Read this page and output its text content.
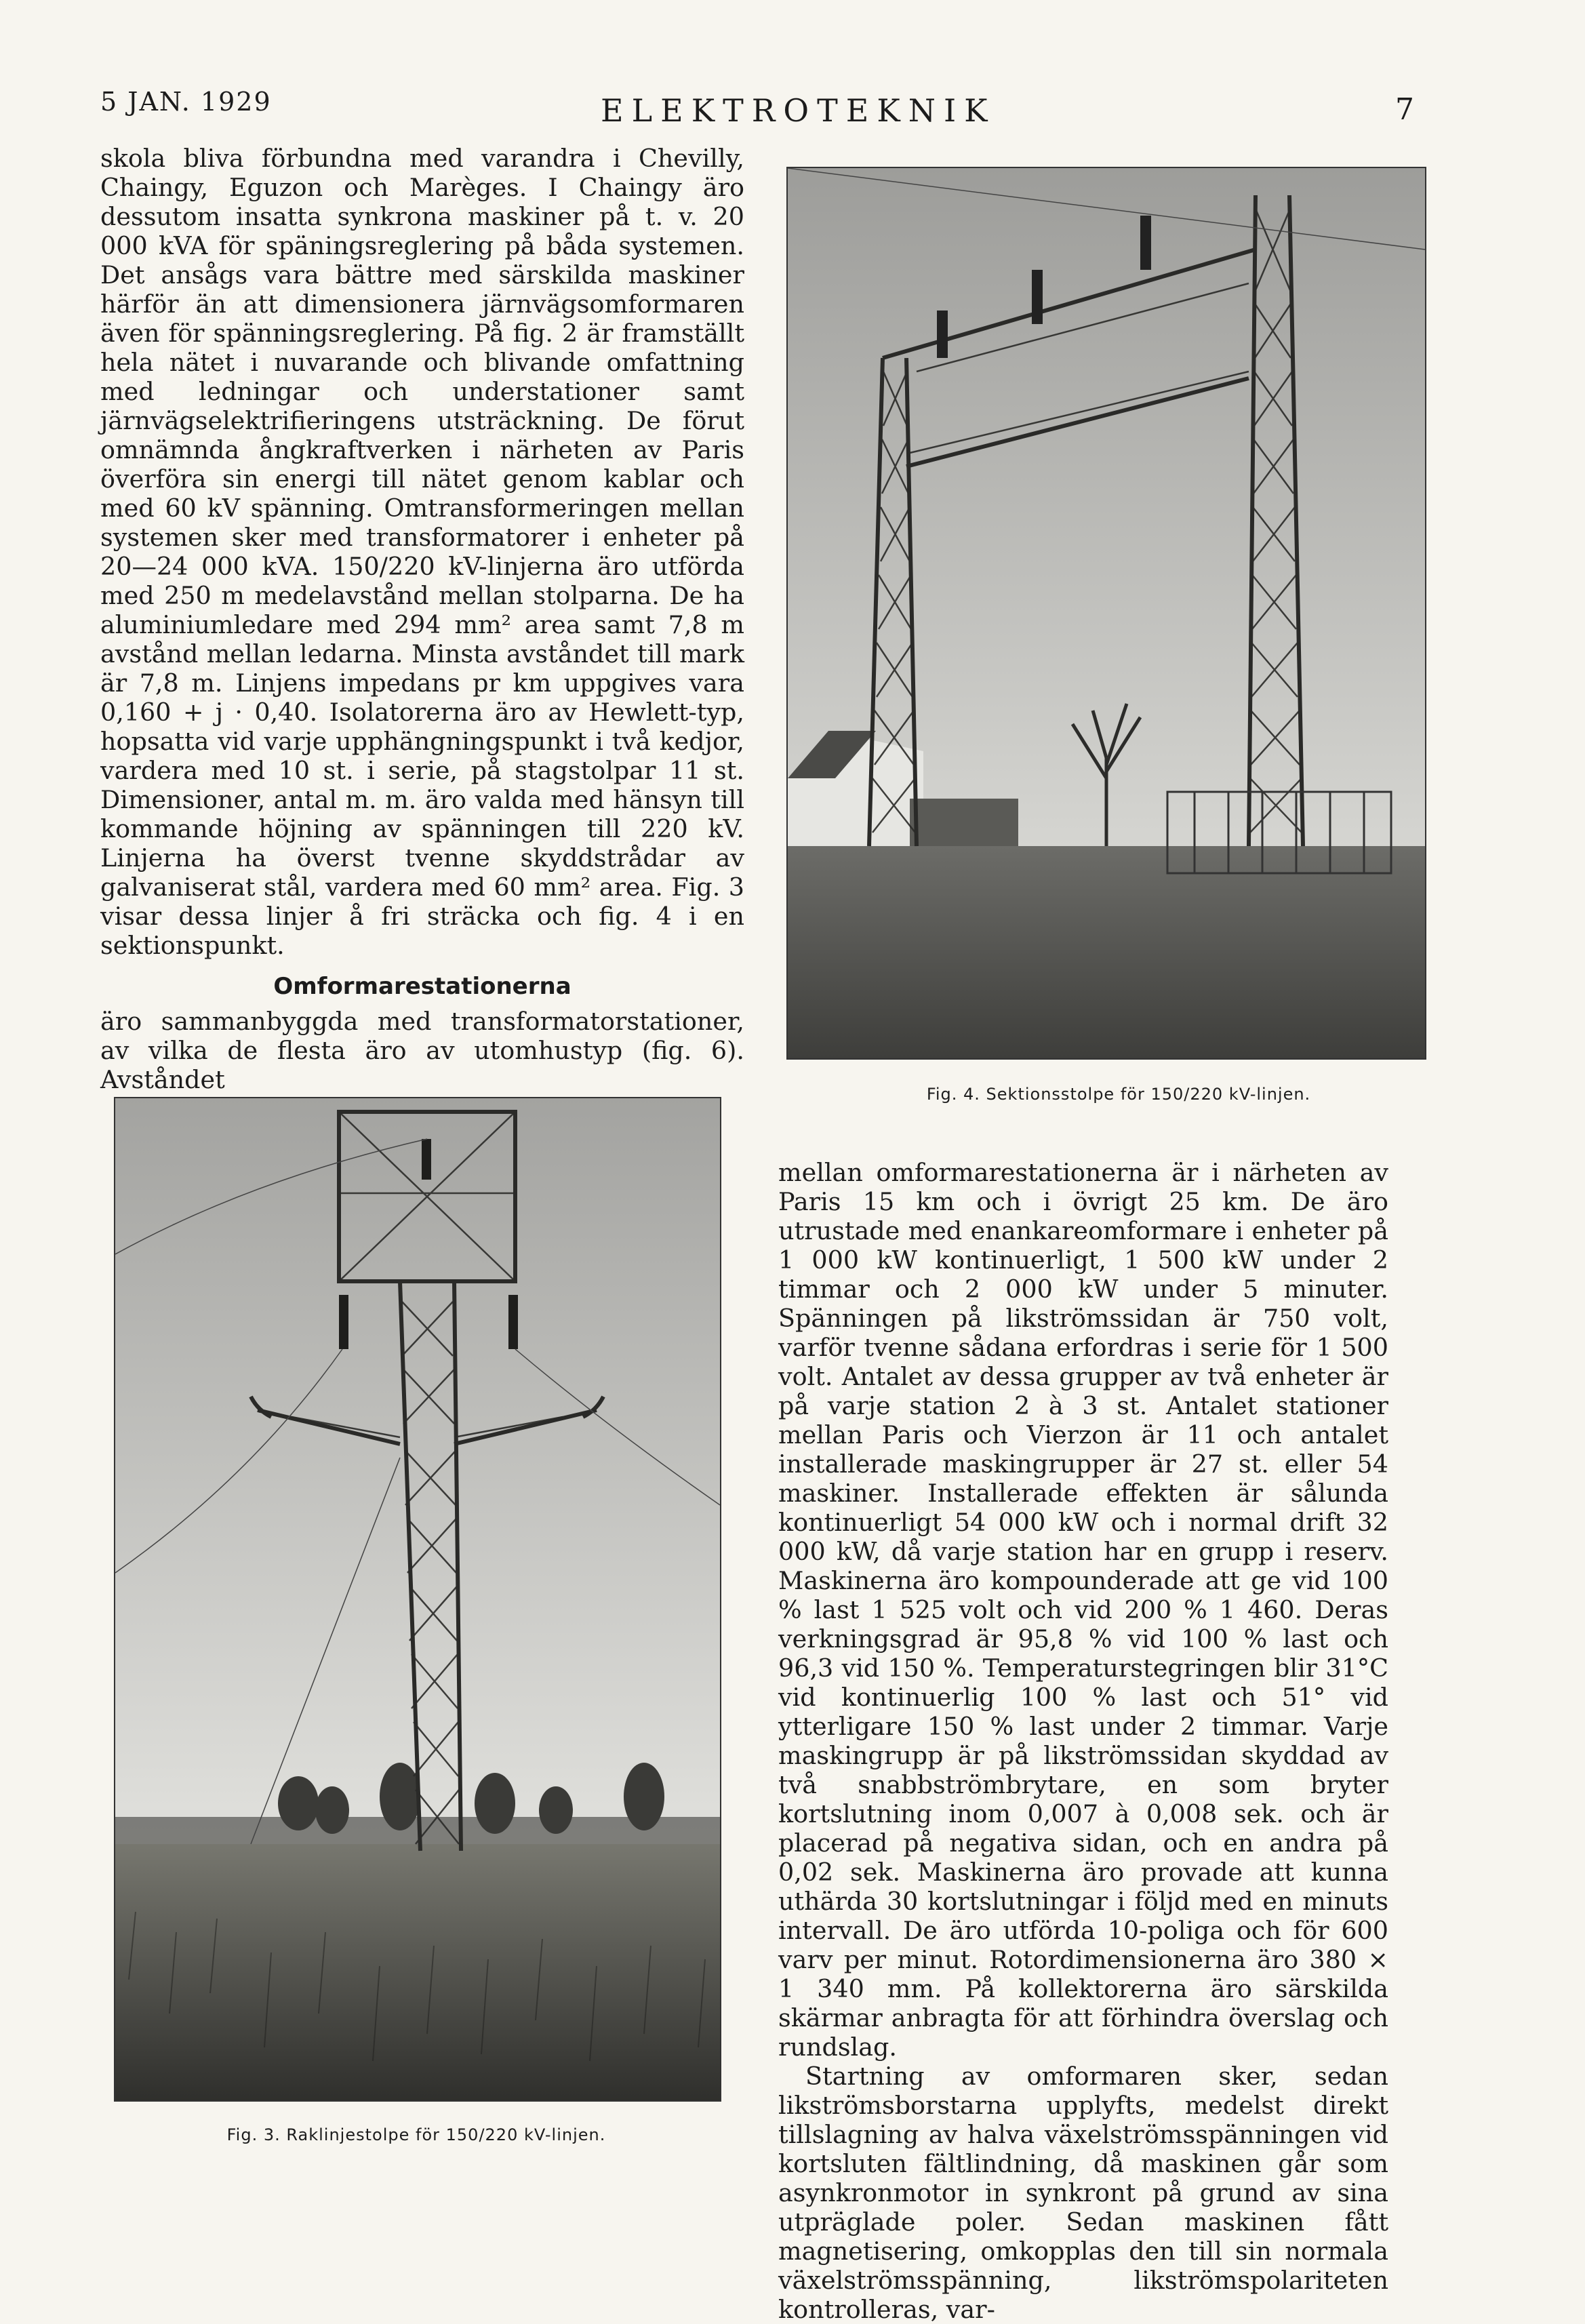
5 JAN. 1929	ELEKTROTEKNIK	7

skola bliva förbundna med varandra i Chevilly, Chaingy, Eguzon och Marèges. I Chaingy äro dessutom insatta synkrona maskiner på t. v. 20 000 kVA för späningsreglering på båda systemen. Det ansågs vara bättre med särskilda maskiner härför än att dimensionera järnvägsomformaren även för spänningsreglering. På fig. 2 är framställt hela nätet i nuvarande och blivande omfattning med ledningar och understationer samt järnvägselektrifieringens utsträckning. De förut omnämnda ångkraftverken i närheten av Paris överföra sin energi till nätet genom kablar och med 60 kV spänning. Omtransformeringen mellan systemen sker med transformatorer i enheter på 20—24 000 kVA. 150/220 kV-linjerna äro utförda med 250 m medelavstånd mellan stolparna. De ha aluminiumledare med 294 mm² area samt 7,8 m avstånd mellan ledarna. Minsta avståndet till mark är 7,8 m. Linjens impedans pr km uppgives vara 0,160 + j · 0,40. Isolatorerna äro av Hewlett-typ, hopsatta vid varje upphängningspunkt i två kedjor, vardera med 10 st. i serie, på stagstolpar 11 st. Dimensioner, antal m. m. äro valda med hänsyn till kommande höjning av spänningen till 220 kV. Linjerna ha överst tvenne skyddstrådar av galvaniserat stål, vardera med 60 mm² area. Fig. 3 visar dessa linjer å fri sträcka och fig. 4 i en sektionspunkt.

Omformarestationerna

äro sammanbyggda med transformatorstationer, av vilka de flesta äro av utomhustyp (fig. 6). Avståndet	Fig. 4. Sektionsstolpe för 150/220 kV-linjen.
Fig. 3. Raklinjestolpe för 150/220 kV-linjen.

mellan omformarestationerna är i närheten av Paris 15 km och i övrigt 25 km. De äro utrustade med enankareomformare i enheter på 1 000 kW kontinuerligt, 1 500 kW under 2 timmar och 2 000 kW under 5 minuter. Spänningen på likströmssidan är 750 volt, varför tvenne sådana erfordras i serie för 1 500 volt. Antalet av dessa grupper av två enheter är på varje station 2 à 3 st. Antalet stationer mellan Paris och Vierzon är 11 och antalet installerade maskingrupper är 27 st. eller 54 maskiner. Installerade effekten är sålunda kontinuerligt 54 000 kW och i normal drift 32 000 kW, då varje station har en grupp i reserv. Maskinerna äro kompounderade att ge vid 100 % last 1 525 volt och vid 200 % 1 460. Deras verkningsgrad är 95,8 % vid 100 % last och 96,3 vid 150 %. Temperaturstegringen blir 31°C vid kontinuerlig 100 % last och 51° vid ytterligare 150 % last under 2 timmar. Varje maskingrupp är på likströmssidan skyddad av två snabbströmbrytare, en som bryter kortslutning inom 0,007 à 0,008 sek. och är placerad på negativa sidan, och en andra på 0,02 sek. Maskinerna äro provade att kunna uthärda 30 kortslutningar i följd med en minuts intervall. De äro utförda 10-poliga och för 600 varv per minut. Rotordimensionerna äro 380 × 1 340 mm. På kollektorerna äro särskilda skärmar anbragta för att förhindra överslag och rundslag.

Startning av omformaren sker, sedan likströmsborstarna upplyfts, medelst direkt tillslagning av halva växelströmsspänningen vid kortsluten fältlindning, då maskinen går som asynkronmotor in synkront på grund av sina utpräglade poler. Sedan maskinen fått magnetisering, omkopplas den till sin normala växelströmsspänning, likströmspolariteten kontrolleras, var-
